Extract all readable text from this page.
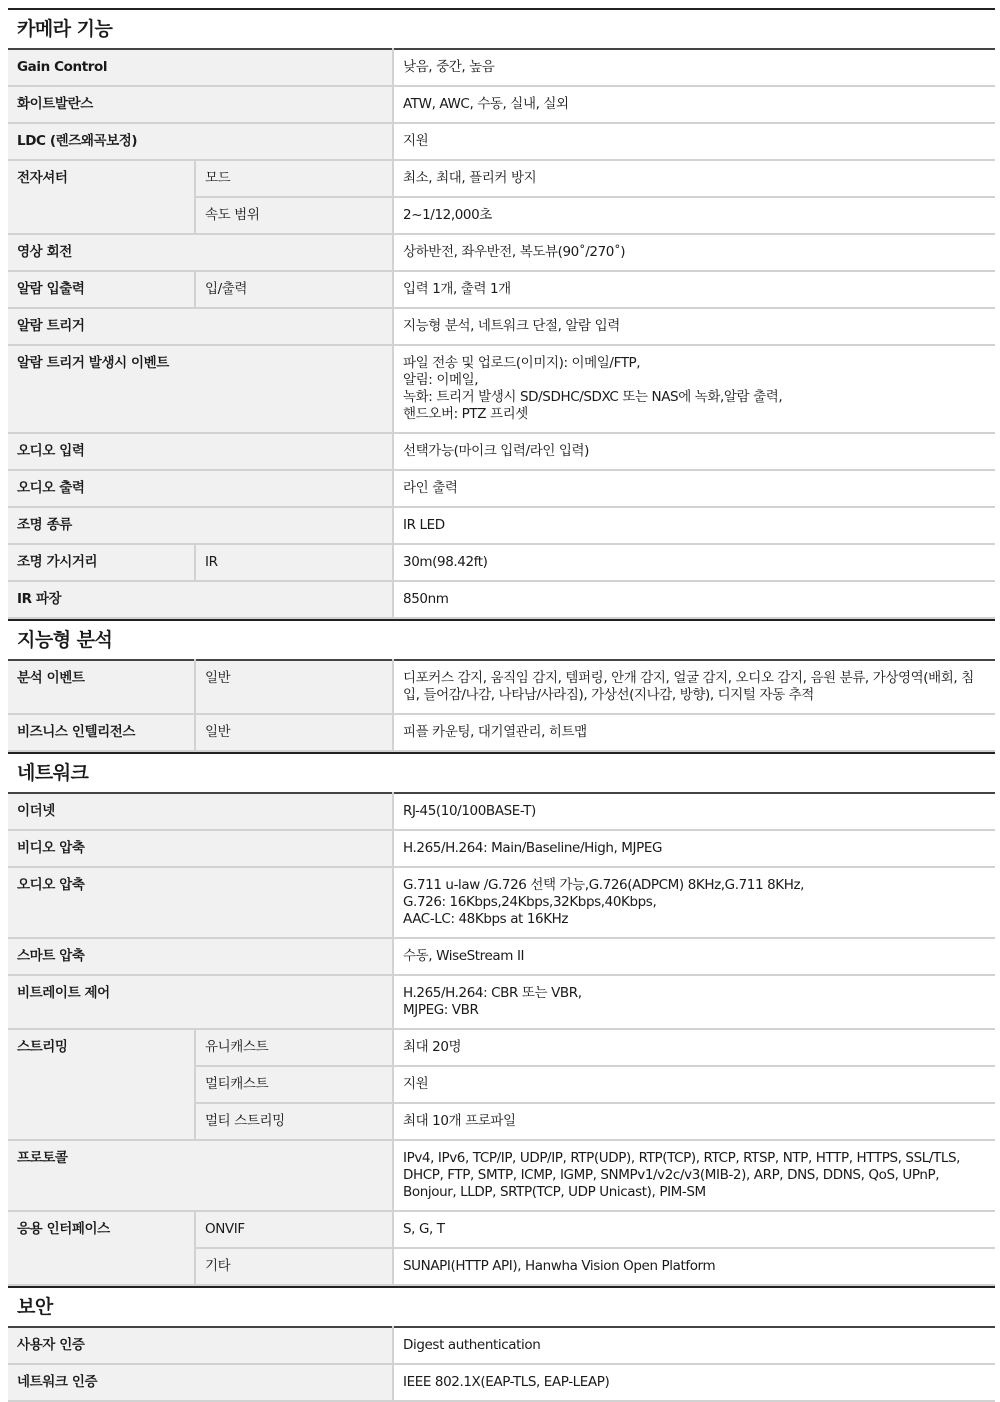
카메라 기능
Gain Control		낮음, 중간, 높음
화이트발란스		ATW, AWC, 수동, 실내, 실외
LDC (렌즈왜곡보정)		지원
전자셔터	모드	최소, 최대, 플리커 방지
	속도 범위	2~1/12,000초
영상 회전		상하반전, 좌우반전, 복도뷰(90˚/270˚)
알람 입출력	입/출력	입력 1개, 출력 1개
알람 트리거		지능형 분석, 네트워크 단절, 알람 입력
알람 트리거 발생시 이벤트		파일 전송 및 업로드(이미지): 이메일/FTP,
알림: 이메일,
녹화: 트리거 발생시 SD/SDHC/SDXC 또는 NAS에 녹화,알람 출력,
핸드오버: PTZ 프리셋
오디오 입력		선택가능(마이크 입력/라인 입력)
오디오 출력		라인 출력
조명 종류		IR LED
조명 가시거리	IR	30m(98.42ft)
IR 파장		850nm
지능형 분석
분석 이벤트	일반	디포커스 감지, 움직임 감지, 템퍼링, 안개 감지, 얼굴 감지, 오디오 감지, 음원 분류, 가상영역(배회, 침입, 들어감/나감, 나타남/사라짐), 가상선(지나감, 방향), 디지털 자동 추적
비즈니스 인텔리전스	일반	피플 카운팅, 대기열관리, 히트맵
네트워크
이더넷		RJ-45(10/100BASE-T)
비디오 압축		H.265/H.264: Main/Baseline/High, MJPEG
오디오 압축		G.711 u-law /G.726 선택 가능,G.726(ADPCM) 8KHz,G.711 8KHz,
G.726: 16Kbps,24Kbps,32Kbps,40Kbps,
AAC-LC: 48Kbps at 16KHz
스마트 압축		수동, WiseStream II
비트레이트 제어		H.265/H.264: CBR 또는 VBR,
MJPEG: VBR
스트리밍	유니캐스트	최대 20명
	멀티캐스트	지원
	멀티 스트리밍	최대 10개 프로파일
프로토콜		IPv4, IPv6, TCP/IP, UDP/IP, RTP(UDP), RTP(TCP), RTCP, RTSP, NTP, HTTP, HTTPS, SSL/TLS, DHCP, FTP, SMTP, ICMP, IGMP, SNMPv1/v2c/v3(MIB-2), ARP, DNS, DDNS, QoS, UPnP, Bonjour, LLDP, SRTP(TCP, UDP Unicast), PIM-SM
응용 인터페이스	ONVIF	S, G, T
	기타	SUNAPI(HTTP API), Hanwha Vision Open Platform
보안
사용자 인증	Digest authentication
네트워크 인증	IEEE 802.1X(EAP-TLS, EAP-LEAP)
